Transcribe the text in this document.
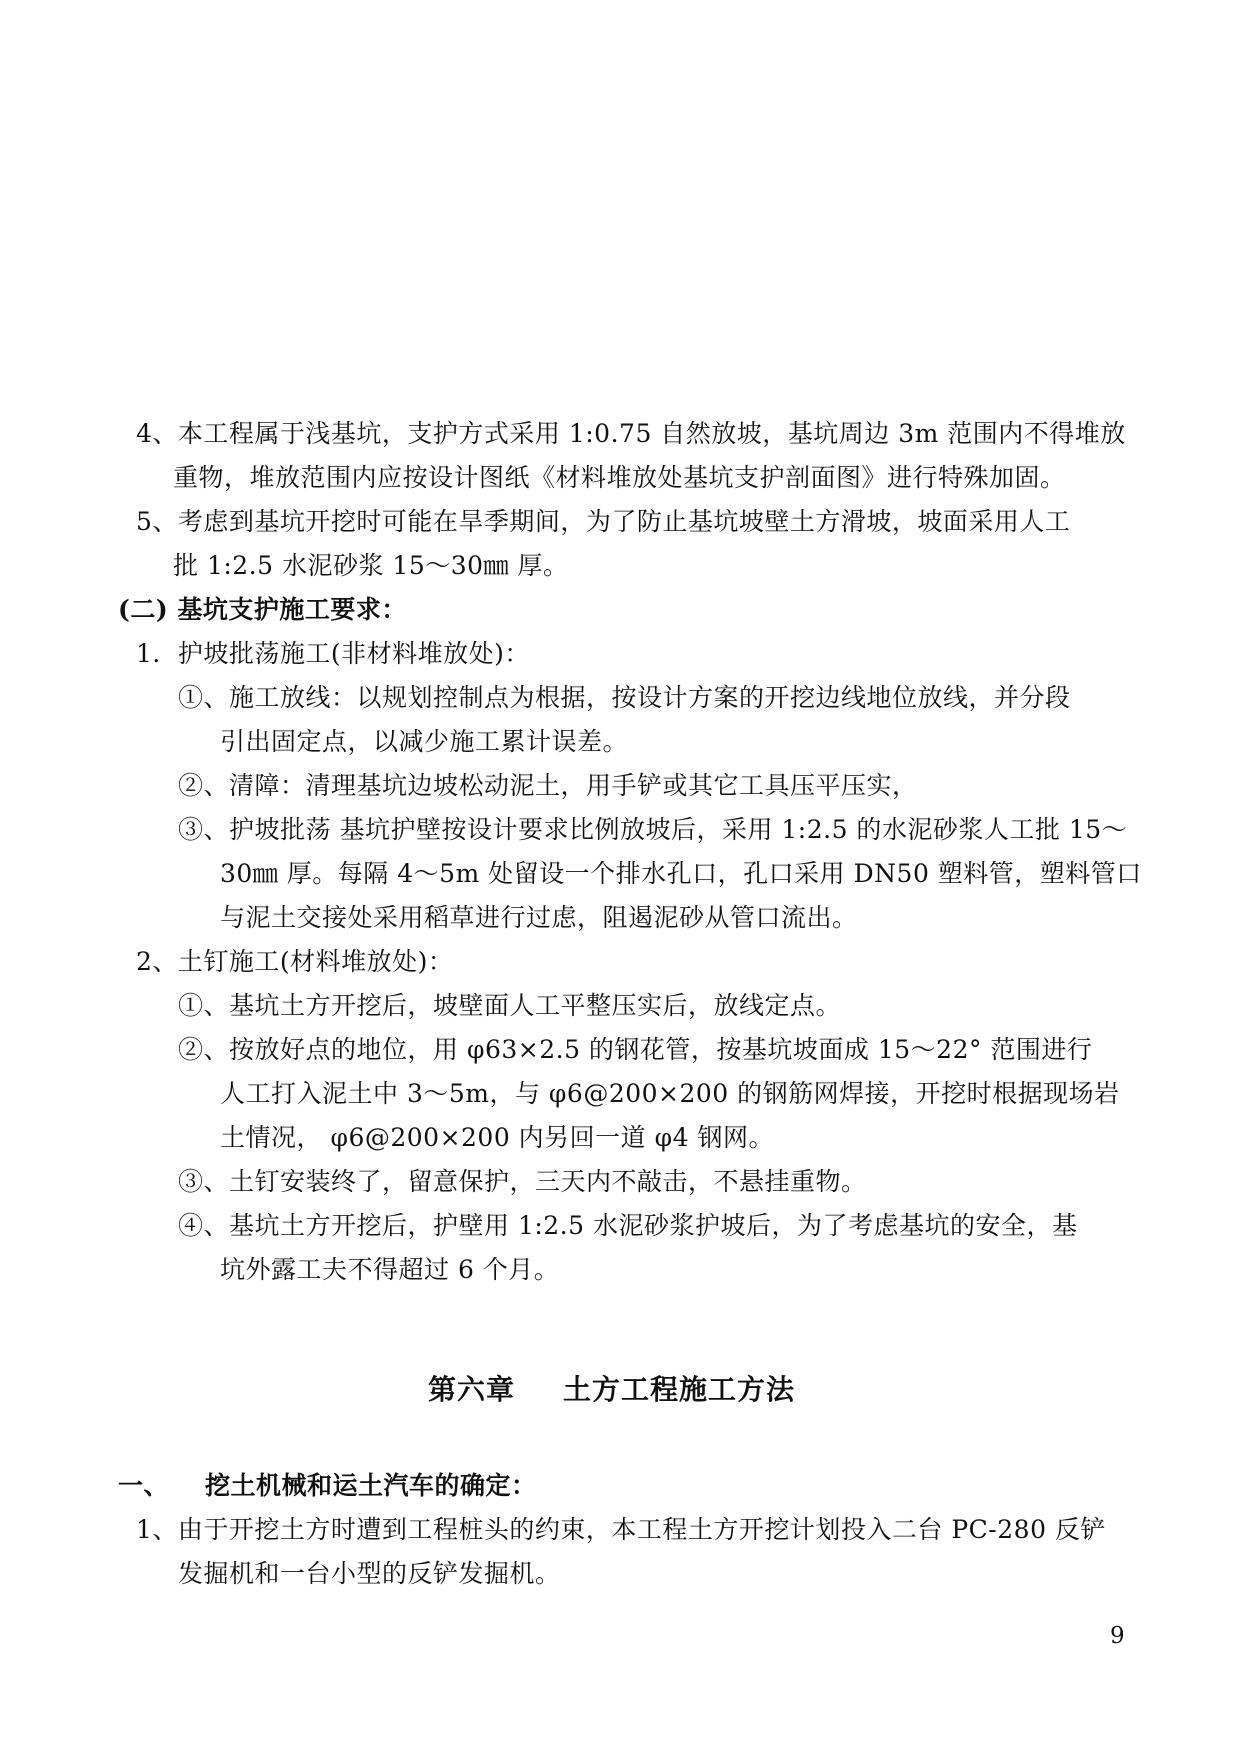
4、本工程属于浅基坑，支护方式采用 1:0.75 自然放坡，基坑周边 3m 范围内不得堆放
重物，堆放范围内应按设计图纸《材料堆放处基坑支护剖面图》进行特殊加固。
5、考虑到基坑开挖时可能在旱季期间，为了防止基坑坡壁土方滑坡，坡面采用人工
批 1:2.5 水泥砂浆 15～30㎜ 厚。
(二) 基坑支护施工要求：
1．护坡批荡施工(非材料堆放处)：
①、施工放线：以规划控制点为根据，按设计方案的开挖边线地位放线，并分段
引出固定点，以减少施工累计误差。
②、清障：清理基坑边坡松动泥土，用手铲或其它工具压平压实，
③、护坡批荡 基坑护壁按设计要求比例放坡后，采用 1:2.5 的水泥砂浆人工批 15～
30㎜ 厚。每隔 4～5m 处留设一个排水孔口，孔口采用 DN50 塑料管，塑料管口
与泥土交接处采用稻草进行过虑，阻遏泥砂从管口流出。
2、土钉施工(材料堆放处)：
①、基坑土方开挖后，坡壁面人工平整压实后，放线定点。
②、按放好点的地位，用 φ63×2.5 的钢花管，按基坑坡面成 15～22° 范围进行
人工打入泥土中 3～5m，与 φ6@200×200 的钢筋网焊接，开挖时根据现场岩
土情况， φ6@200×200 内另回一道 φ4 钢网。
③、土钉安装终了，留意保护，三天内不敲击，不悬挂重物。
④、基坑土方开挖后，护壁用 1:2.5 水泥砂浆护坡后，为了考虑基坑的安全，基
坑外露工夫不得超过 6 个月。
第六章 土方工程施工方法
一、 挖土机械和运土汽车的确定：
1、由于开挖土方时遭到工程桩头的约束，本工程土方开挖计划投入二台 PC-280 反铲
发掘机和一台小型的反铲发掘机。
9
